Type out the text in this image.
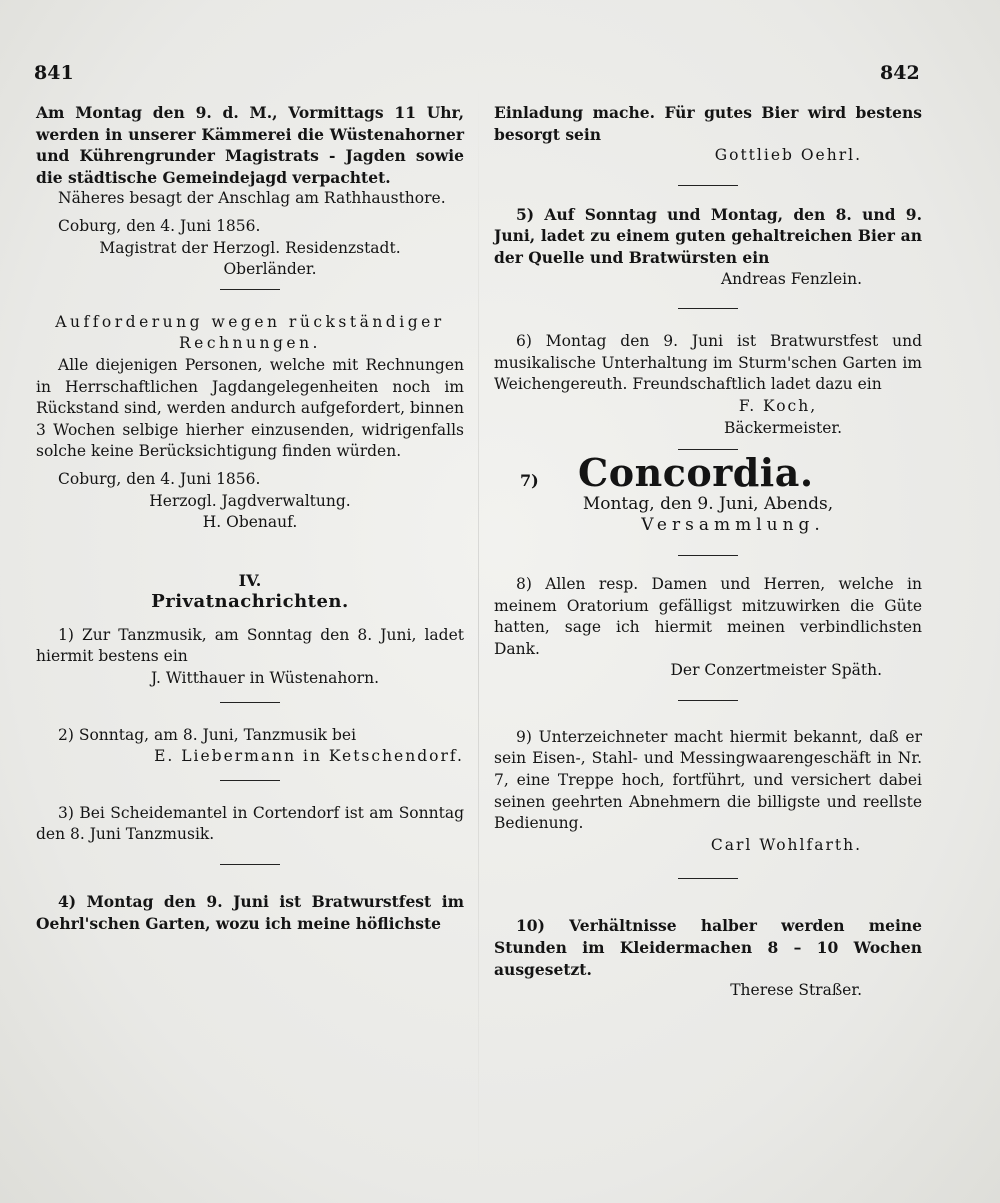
841	842

Am Montag den 9. d. M., Vormittags 11 Uhr, werden in unserer Kämmerei die Wüstenahorner und Kührengrunder Magistrats - Jagden sowie die städtische Gemeindejagd verpachtet.

Näheres besagt der Anschlag am Rathhausthore.

Coburg, den 4. Juni 1856.

Magistrat der Herzogl. Residenzstadt.

Oberländer.

Aufforderung wegen rückständiger

Rechnungen.

Alle diejenigen Personen, welche mit Rechnungen in Herrschaftlichen Jagdangelegenheiten noch im Rückstand sind, werden andurch aufgefordert, binnen 3 Wochen selbige hierher einzusenden, widrigenfalls solche keine Berücksichtigung finden würden.

Coburg, den 4. Juni 1856.

Herzogl. Jagdverwaltung.

H. Obenauf.

IV.

Privatnachrichten.

1) Zur Tanzmusik, am Sonntag den 8. Juni, ladet hiermit bestens ein

J. Witthauer in Wüstenahorn.

2) Sonntag, am 8. Juni, Tanzmusik bei

E. Liebermann in Ketschendorf.

3) Bei Scheidemantel in Cortendorf ist am Sonntag den 8. Juni Tanzmusik.

4) Montag den 9. Juni ist Bratwurstfest im Oehrl'schen Garten, wozu ich meine höflichste

Einladung mache. Für gutes Bier wird bestens besorgt sein

Gottlieb Oehrl.

5) Auf Sonntag und Montag, den 8. und 9. Juni, ladet zu einem guten gehaltreichen Bier an der Quelle und Bratwürsten ein

Andreas Fenzlein.

6) Montag den 9. Juni ist Bratwurstfest und musikalische Unterhaltung im Sturm'schen Garten im Weichengereuth. Freundschaftlich ladet dazu ein

F. Koch,

Bäckermeister.

7)	Concordia.

Montag, den 9. Juni, Abends,

Versammlung.

8) Allen resp. Damen und Herren, welche in meinem Oratorium gefälligst mitzuwirken die Güte hatten, sage ich hiermit meinen verbindlichsten Dank.

Der Conzertmeister Späth.

9) Unterzeichneter macht hiermit bekannt, daß er sein Eisen-, Stahl- und Messingwaarengeschäft in Nr. 7, eine Treppe hoch, fortführt, und versichert dabei seinen geehrten Abnehmern die billigste und reellste Bedienung.

Carl Wohlfarth.

10) Verhältnisse halber werden meine Stunden im Kleidermachen 8 – 10 Wochen ausgesetzt.

Therese Straßer.
